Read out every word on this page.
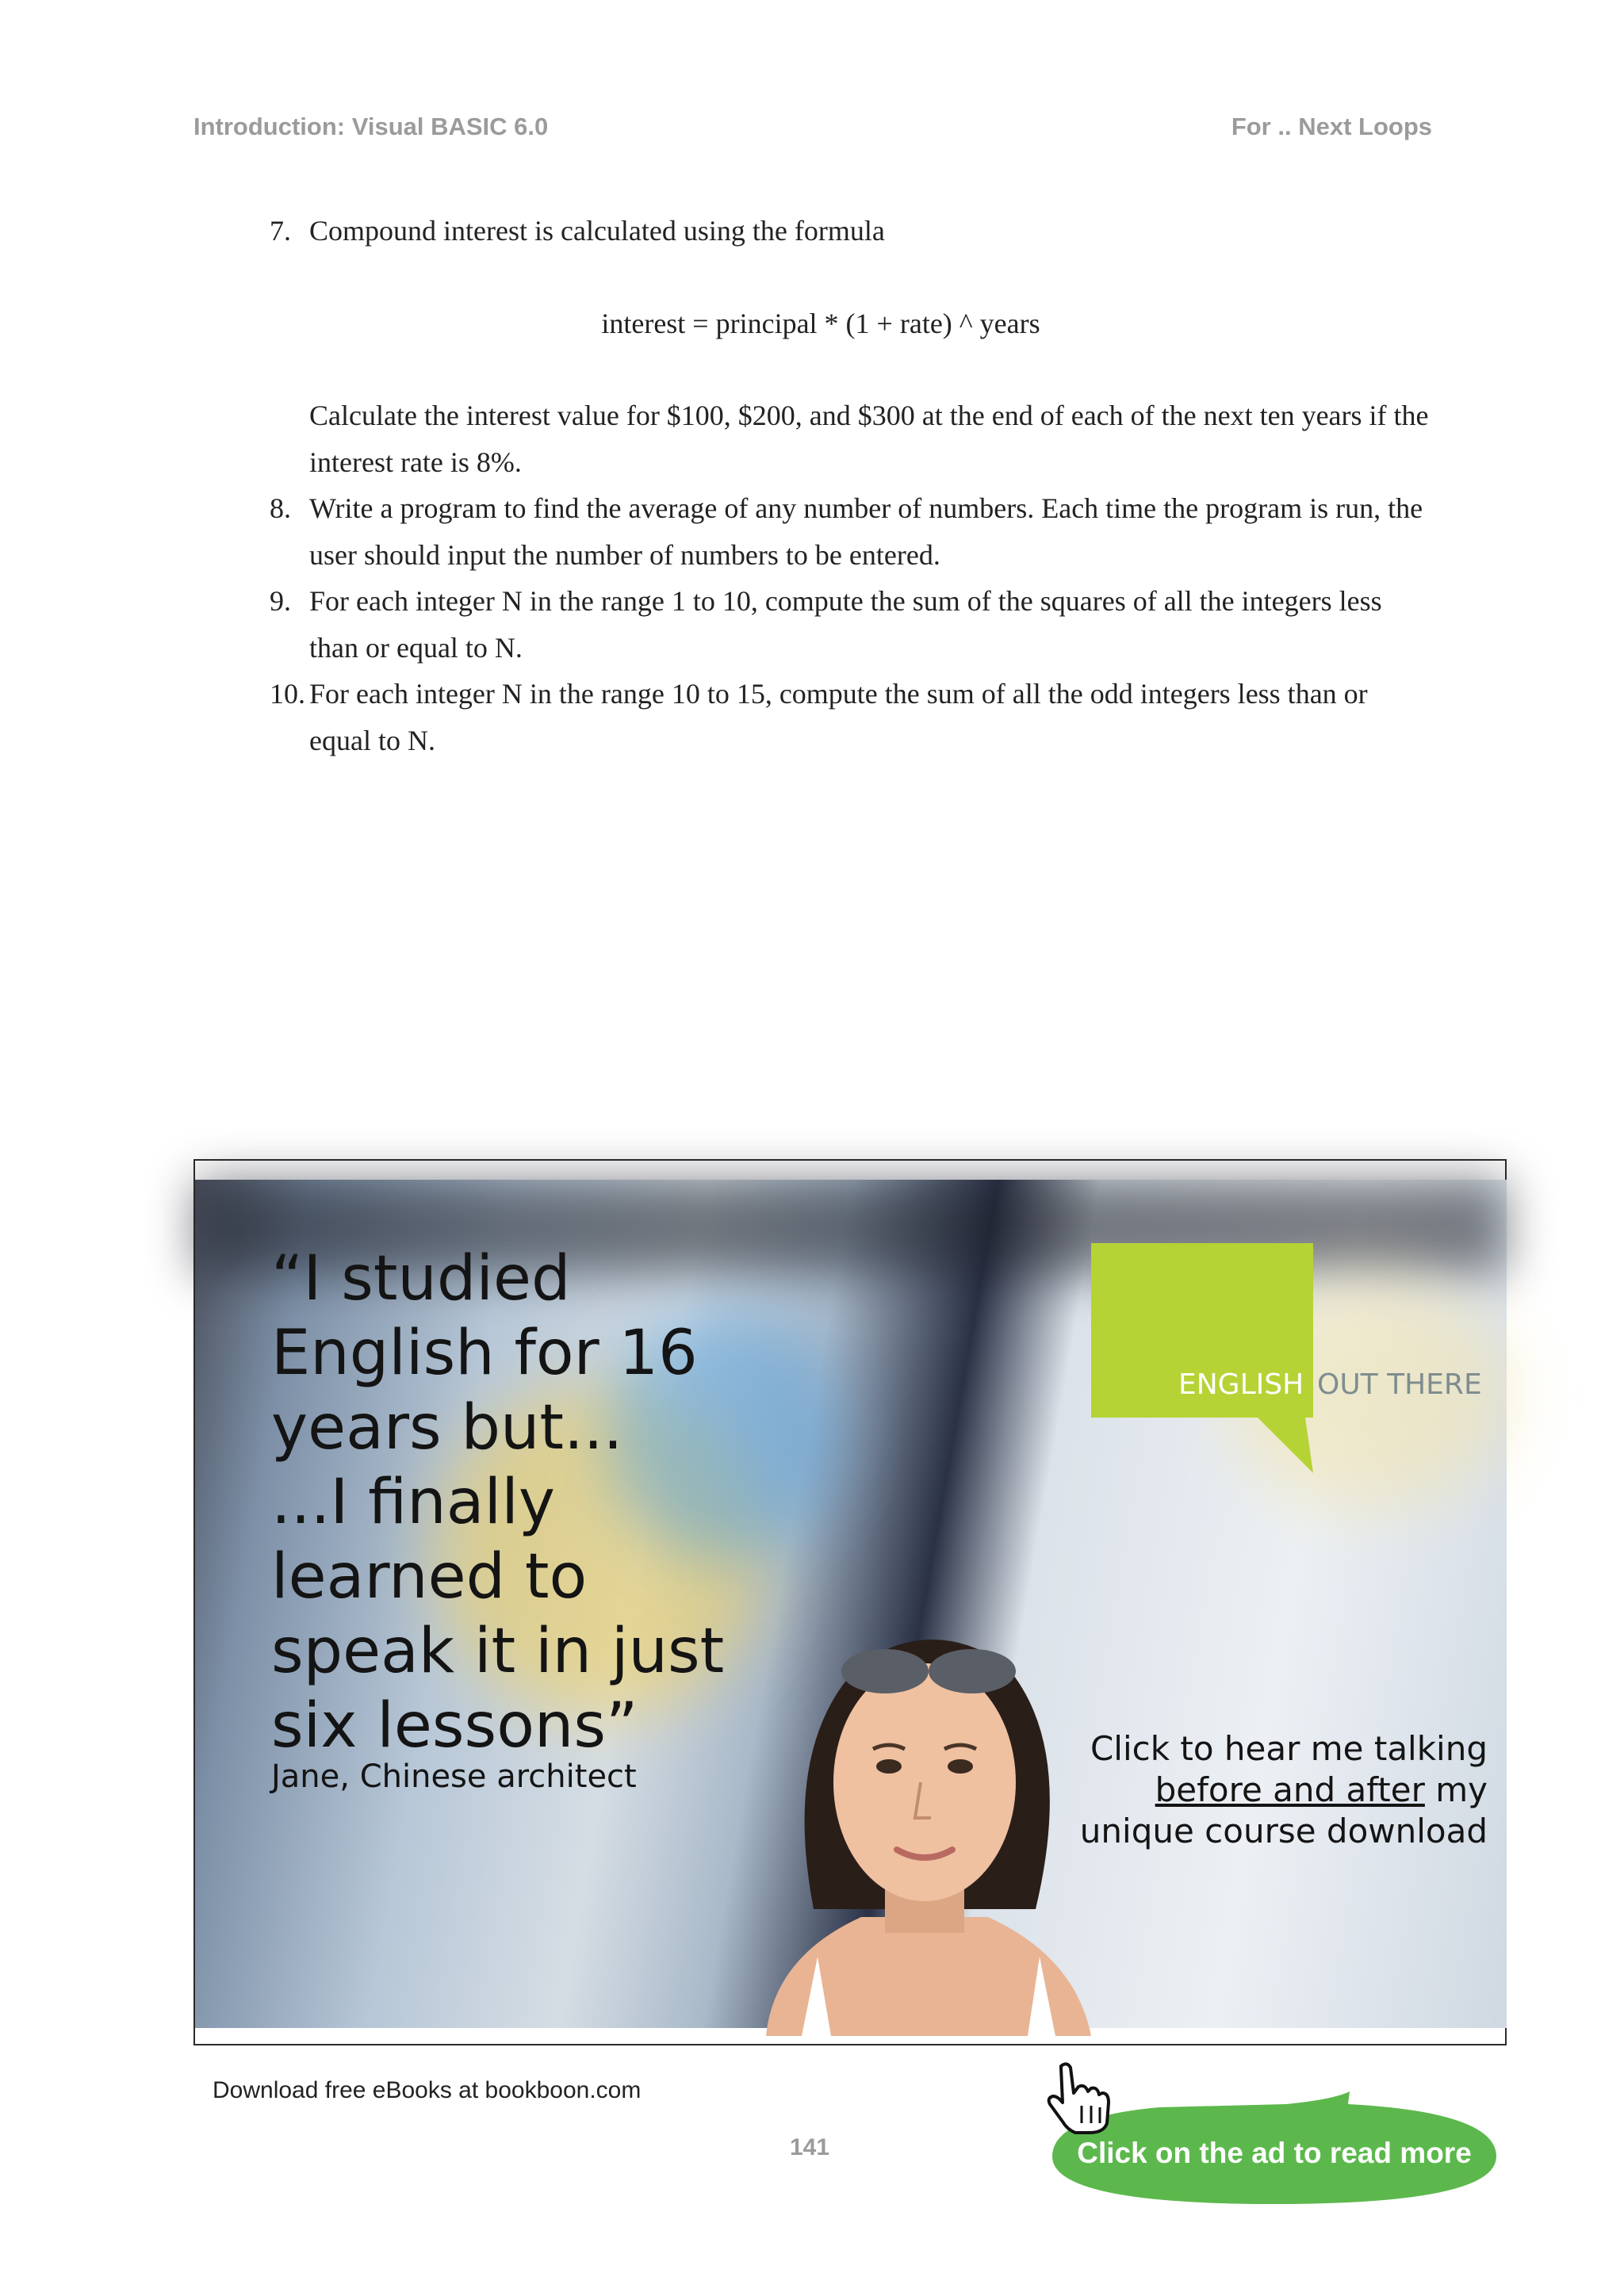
Introduction: Visual BASIC 6.0	For .. Next Loops
7. Compound interest is calculated using the formula
interest = principal * (1 + rate) ^ years
Calculate the interest value for $100, $200, and $300 at the end of each of the next ten years if the interest rate is 8%.
8. Write a program to find the average of any number of numbers. Each time the program is run, the user should input the number of numbers to be entered.
9. For each integer N in the range 1 to 10, compute the sum of the squares of all the integers less than or equal to N.
10. For each integer N in the range 10 to 15, compute the sum of all the odd integers less than or equal to N.
“I studied
English for 16
years but...
...I finally
learned to
speak it in just
six lessons”
Jane, Chinese architect
ENGLISH OUT THERE
Click to hear me talking
before and after my
unique course download
Download free eBooks at bookboon.com
141	Click on the ad to read more
